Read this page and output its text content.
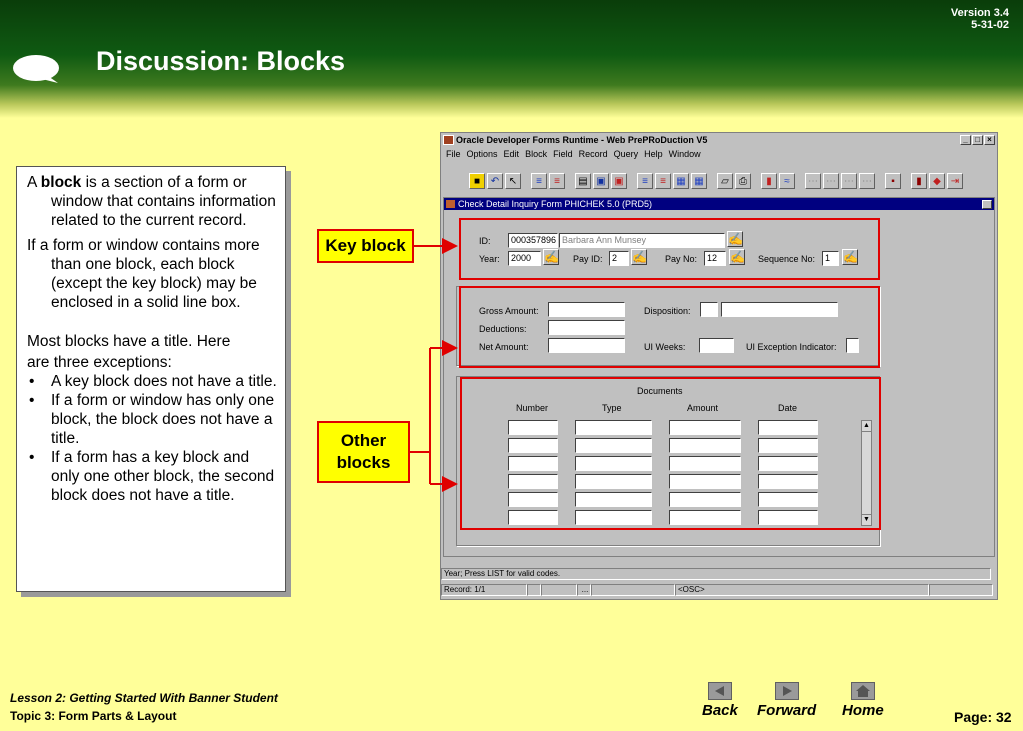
Version 3.4
5-31-02
Discussion: Blocks

A block is a section of a form or window that contains information related to the current record.

If a form or window contains more than one block, each block (except the key block) may be enclosed in a solid line box.

Most blocks have a title. Here

are three exceptions:

•	A key block does not have a title.
•	If a form or window has only one block, the block does not have a title.
•	If a form has a key block and only one other block, the second block does not have a title.
Key block
Other
blocks
Oracle Developer Forms Runtime - Web PrePRoDuction V5	_ □ ×
File Options Edit Block Field Record Query Help Window
■	↶ ↖	≡	≡	▤ ▣ ▣	≡	≡	▦ ▦	▱	⎙	▮	≈	⋯ ⋯ ⋯ ⋯	▪	▮	◆ ⇥
Check Detail Inquiry Form PHICHEK 5.0 (PRD5)
ID:	000357896 Barbara Ann Munsey	✍
Year:	2000	✍ Pay ID:	2	✍ Pay No:	12	✍ Sequence No:	1	✍
Gross Amount:
Deductions:
Net Amount:
Disposition:
UI Weeks:	UI Exception Indicator:
Documents
Number	Type	Amount	Date
▲
▼
Year; Press LIST for valid codes.
Record: 1/1	...	<OSC>
Lesson 2: Getting Started With Banner Student
Topic 3: Form Parts & Layout	Back Forward Home	Page: 32
